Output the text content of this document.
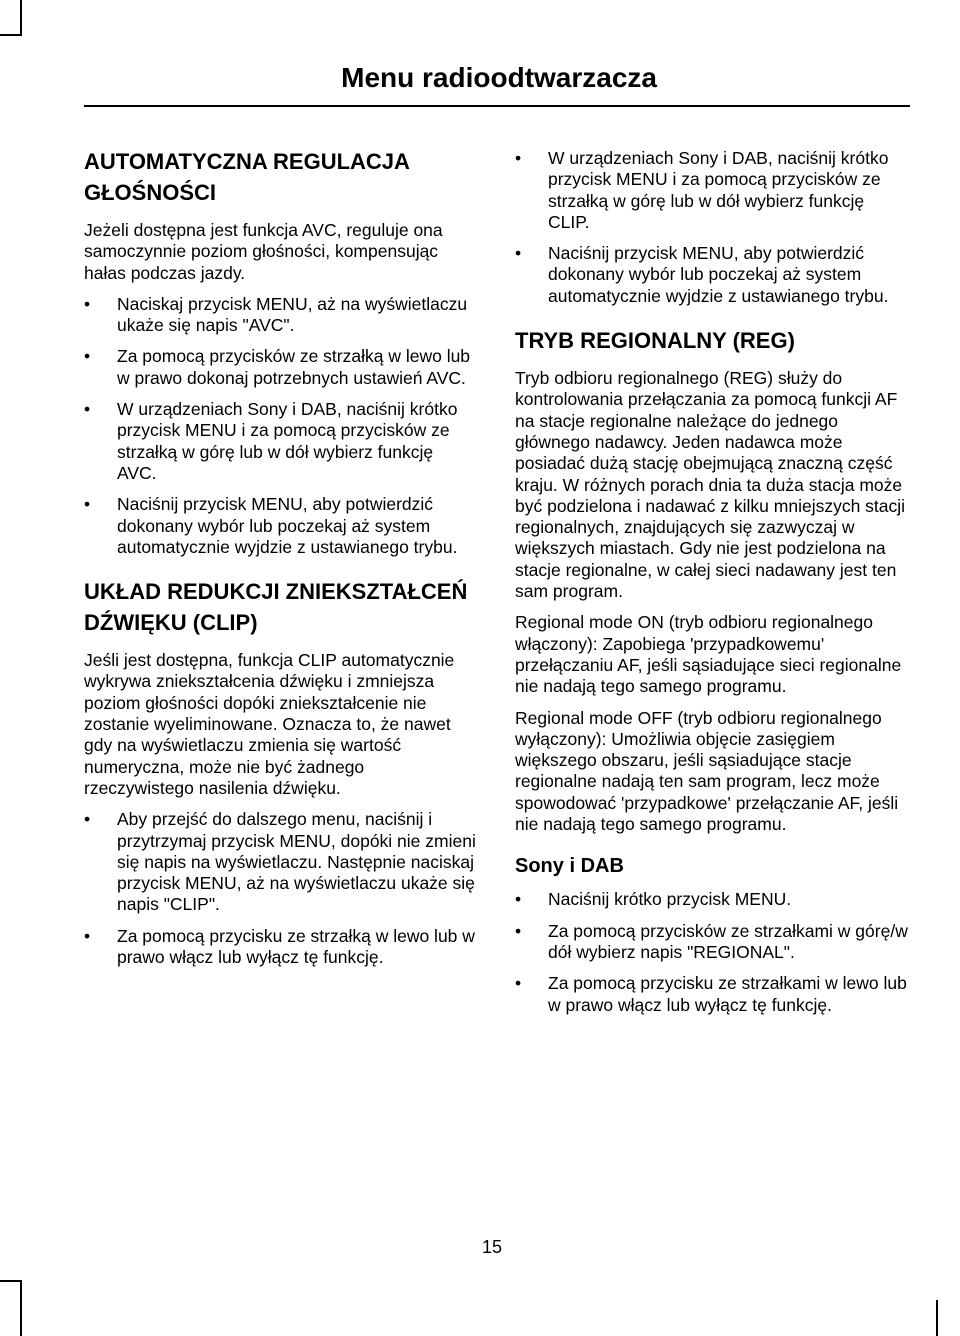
Menu radioodtwarzacza
AUTOMATYCZNA REGULACJA GŁOŚNOŚCI

Jeżeli dostępna jest funkcja AVC, reguluje ona samoczynnie poziom głośności, kompensując hałas podczas jazdy.

• Naciskaj przycisk MENU, aż na wyświetlaczu ukaże się napis "AVC".
• Za pomocą przycisków ze strzałką w lewo lub w prawo dokonaj potrzebnych ustawień AVC.
• W urządzeniach Sony i DAB, naciśnij krótko przycisk MENU i za pomocą przycisków ze strzałką w górę lub w dół wybierz funkcję AVC.
• Naciśnij przycisk MENU, aby potwierdzić dokonany wybór lub poczekaj aż system automatycznie wyjdzie z ustawianego trybu.
UKŁAD REDUKCJI ZNIEKSZTAŁCEŃ DŹWIĘKU (CLIP)

Jeśli jest dostępna, funkcja CLIP automatycznie wykrywa zniekształcenia dźwięku i zmniejsza poziom głośności dopóki zniekształcenie nie zostanie wyeliminowane. Oznacza to, że nawet gdy na wyświetlaczu zmienia się wartość numeryczna, może nie być żadnego rzeczywistego nasilenia dźwięku.

• Aby przejść do dalszego menu, naciśnij i przytrzymaj przycisk MENU, dopóki nie zmieni się napis na wyświetlaczu. Następnie naciskaj przycisk MENU, aż na wyświetlaczu ukaże się napis "CLIP".
• Za pomocą przycisku ze strzałką w lewo lub w prawo włącz lub wyłącz tę funkcję.
• W urządzeniach Sony i DAB, naciśnij krótko przycisk MENU i za pomocą przycisków ze strzałką w górę lub w dół wybierz funkcję CLIP.
• Naciśnij przycisk MENU, aby potwierdzić dokonany wybór lub poczekaj aż system automatycznie wyjdzie z ustawianego trybu.
TRYB REGIONALNY (REG)

Tryb odbioru regionalnego (REG) służy do kontrolowania przełączania za pomocą funkcji AF na stacje regionalne należące do jednego głównego nadawcy. Jeden nadawca może posiadać dużą stację obejmującą znaczną część kraju. W różnych porach dnia ta duża stacja może być podzielona i nadawać z kilku mniejszych stacji regionalnych, znajdujących się zazwyczaj w większych miastach. Gdy nie jest podzielona na stacje regionalne, w całej sieci nadawany jest ten sam program.

Regional mode ON (tryb odbioru regionalnego włączony): Zapobiega 'przypadkowemu' przełączaniu AF, jeśli sąsiadujące sieci regionalne nie nadają tego samego programu.

Regional mode OFF (tryb odbioru regionalnego wyłączony): Umożliwia objęcie zasięgiem większego obszaru, jeśli sąsiadujące stacje regionalne nadają ten sam program, lecz może spowodować 'przypadkowe' przełączanie AF, jeśli nie nadają tego samego programu.

Sony i DAB
• Naciśnij krótko przycisk MENU.
• Za pomocą przycisków ze strzałkami w górę/w dół wybierz napis "REGIONAL".
• Za pomocą przycisku ze strzałkami w lewo lub w prawo włącz lub wyłącz tę funkcję.
15
